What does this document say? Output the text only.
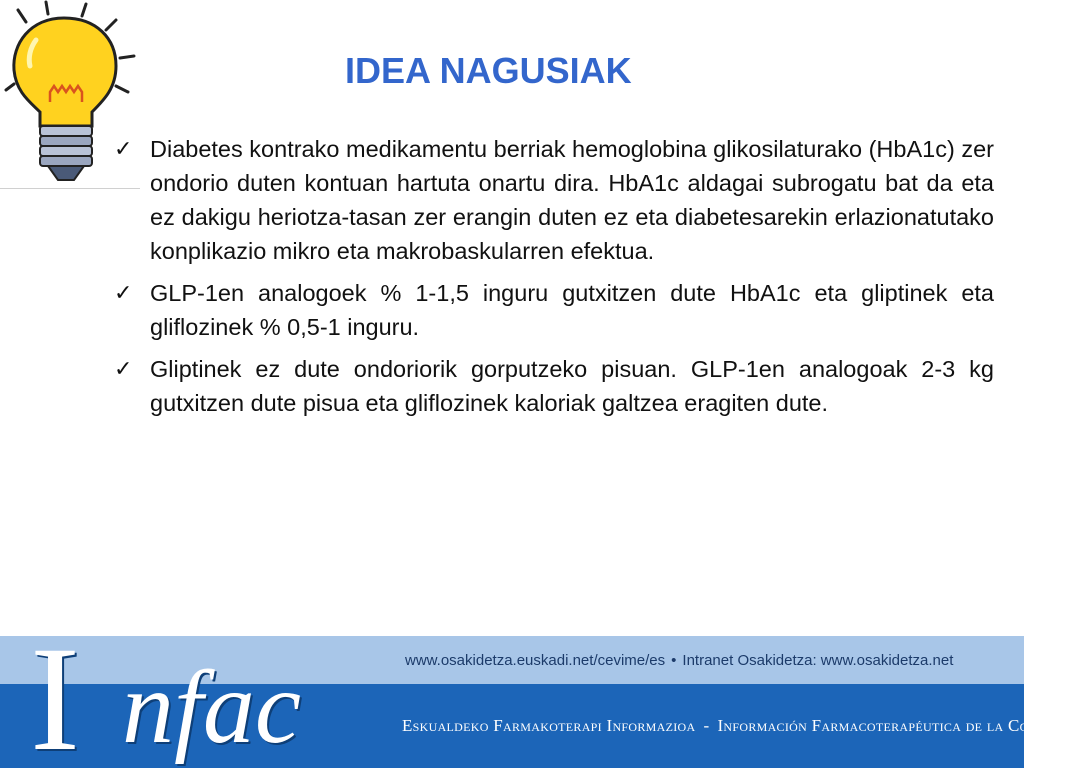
IDEA NAGUSIAK
✓ Diabetes kontrako medikamentu berriak hemoglobina glikosilaturako (HbA1c) zer ondorio duten kontuan hartuta onartu dira. HbA1c aldagai subrogatu bat da eta ez dakigu heriotza-tasan zer erangin duten ez eta diabetesarekin erlazionatutako konplikazio mikro eta makrobaskularren efektua.
✓ GLP-1en analogoek % 1-1,5 inguru gutxitzen dute HbA1c eta gliptinek eta gliflozinek % 0,5-1 inguru.
✓ Gliptinek ez dute ondoriorik gorputzeko pisuan. GLP-1en analogoak 2-3 kg gutxitzen dute pisua eta gliflozinek kaloriak galtzea eragiten dute.
I nfac	www.osakidetza.euskadi.net/cevime/es • Intranet Osakidetza: www.osakidetza.net

Eskualdeko Farmakoterapi Informazioa - Información Farmacoterapéutica de la Comarca
